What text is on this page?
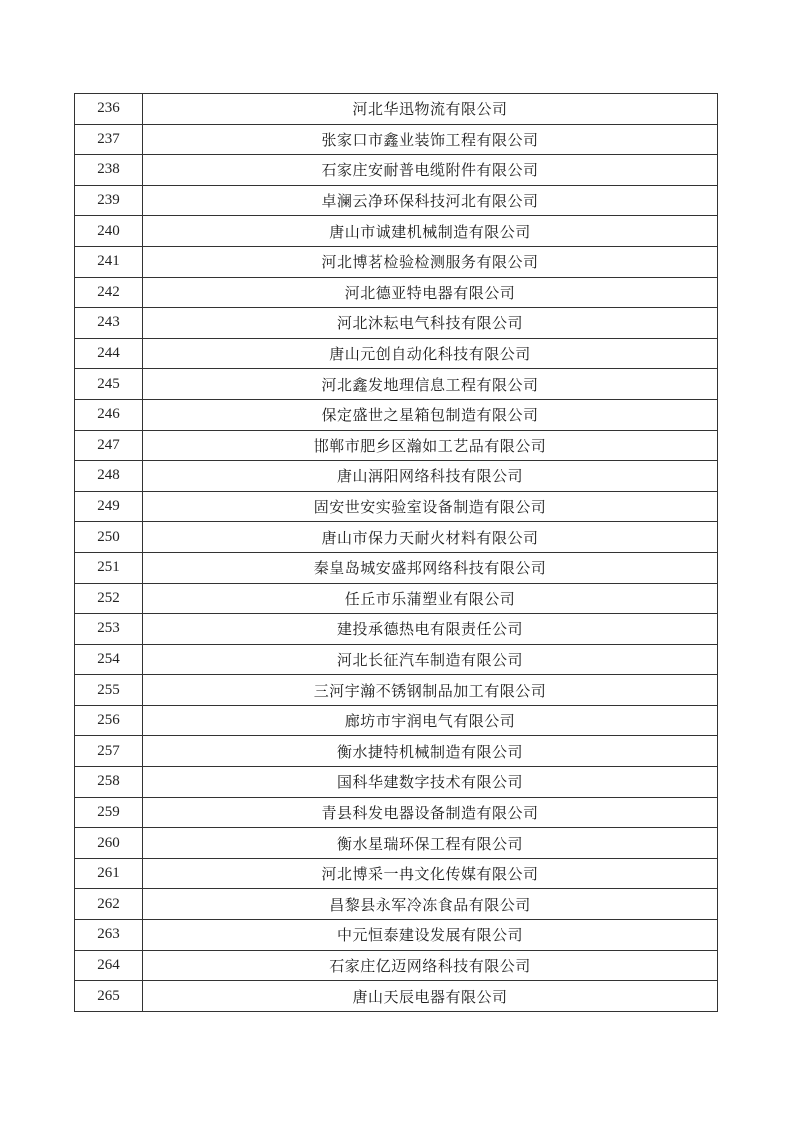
236	河北华迅物流有限公司
237	张家口市鑫业装饰工程有限公司
238	石家庄安耐普电缆附件有限公司
239	卓澜云净环保科技河北有限公司
240	唐山市诚建机械制造有限公司
241	河北博茗检验检测服务有限公司
242	河北德亚特电器有限公司
243	河北沐耘电气科技有限公司
244	唐山元创自动化科技有限公司
245	河北鑫发地理信息工程有限公司
246	保定盛世之星箱包制造有限公司
247	邯郸市肥乡区瀚如工艺品有限公司
248	唐山洅阳网络科技有限公司
249	固安世安实验室设备制造有限公司
250	唐山市保力天耐火材料有限公司
251	秦皇岛城安盛邦网络科技有限公司
252	任丘市乐蒲塑业有限公司
253	建投承德热电有限责任公司
254	河北长征汽车制造有限公司
255	三河宇瀚不锈钢制品加工有限公司
256	廊坊市宇润电气有限公司
257	衡水捷特机械制造有限公司
258	国科华建数字技术有限公司
259	青县科发电器设备制造有限公司
260	衡水星瑞环保工程有限公司
261	河北博采一冉文化传媒有限公司
262	昌黎县永军冷冻食品有限公司
263	中元恒泰建设发展有限公司
264	石家庄亿迈网络科技有限公司
265	唐山天辰电器有限公司
